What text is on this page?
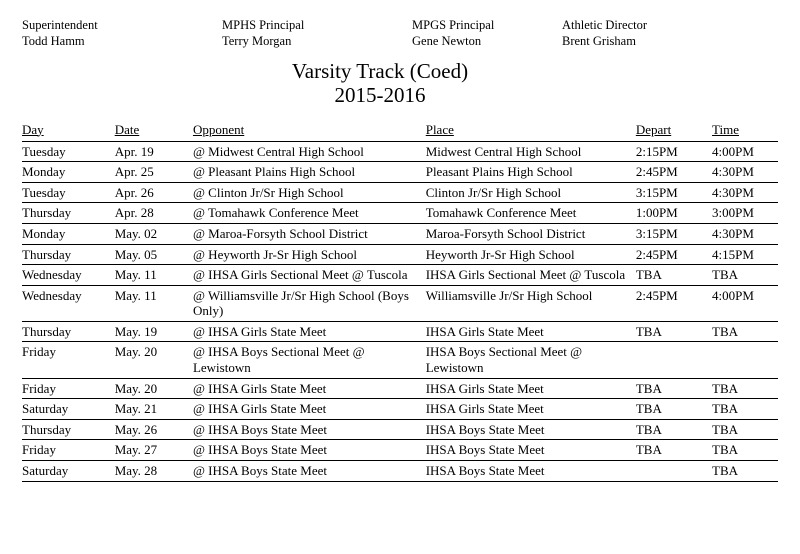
Superintendent
Todd Hamm
MPHS Principal
Terry Morgan
MPGS Principal
Gene Newton
Athletic Director
Brent Grisham
Varsity Track (Coed)
2015-2016
Day	Date	Opponent	Place	Depart	Time
Tuesday	Apr. 19	@ Midwest Central High School	Midwest Central High School	2:15PM	4:00PM
Monday	Apr. 25	@ Pleasant Plains High School	Pleasant Plains High School	2:45PM	4:30PM
Tuesday	Apr. 26	@ Clinton Jr/Sr High School	Clinton Jr/Sr High School	3:15PM	4:30PM
Thursday	Apr. 28	@ Tomahawk Conference Meet	Tomahawk Conference Meet	1:00PM	3:00PM
Monday	May. 02	@ Maroa-Forsyth School District	Maroa-Forsyth School District	3:15PM	4:30PM
Thursday	May. 05	@ Heyworth Jr-Sr High School	Heyworth Jr-Sr High School	2:45PM	4:15PM
Wednesday	May. 11	@ IHSA Girls Sectional Meet @ Tuscola	IHSA Girls Sectional Meet @ Tuscola	TBA	TBA
Wednesday	May. 11	@ Williamsville Jr/Sr High School (Boys Only)	Williamsville Jr/Sr High School	2:45PM	4:00PM
Thursday	May. 19	@ IHSA Girls State Meet	IHSA Girls State Meet	TBA	TBA
Friday	May. 20	@ IHSA Boys Sectional Meet @ Lewistown	IHSA Boys Sectional Meet @ Lewistown		
Friday	May. 20	@ IHSA Girls State Meet	IHSA Girls State Meet	TBA	TBA
Saturday	May. 21	@ IHSA Girls State Meet	IHSA Girls State Meet	TBA	TBA
Thursday	May. 26	@ IHSA Boys State Meet	IHSA Boys State Meet	TBA	TBA
Friday	May. 27	@ IHSA Boys State Meet	IHSA Boys State Meet	TBA	TBA
Saturday	May. 28	@ IHSA Boys State Meet	IHSA Boys State Meet		TBA
